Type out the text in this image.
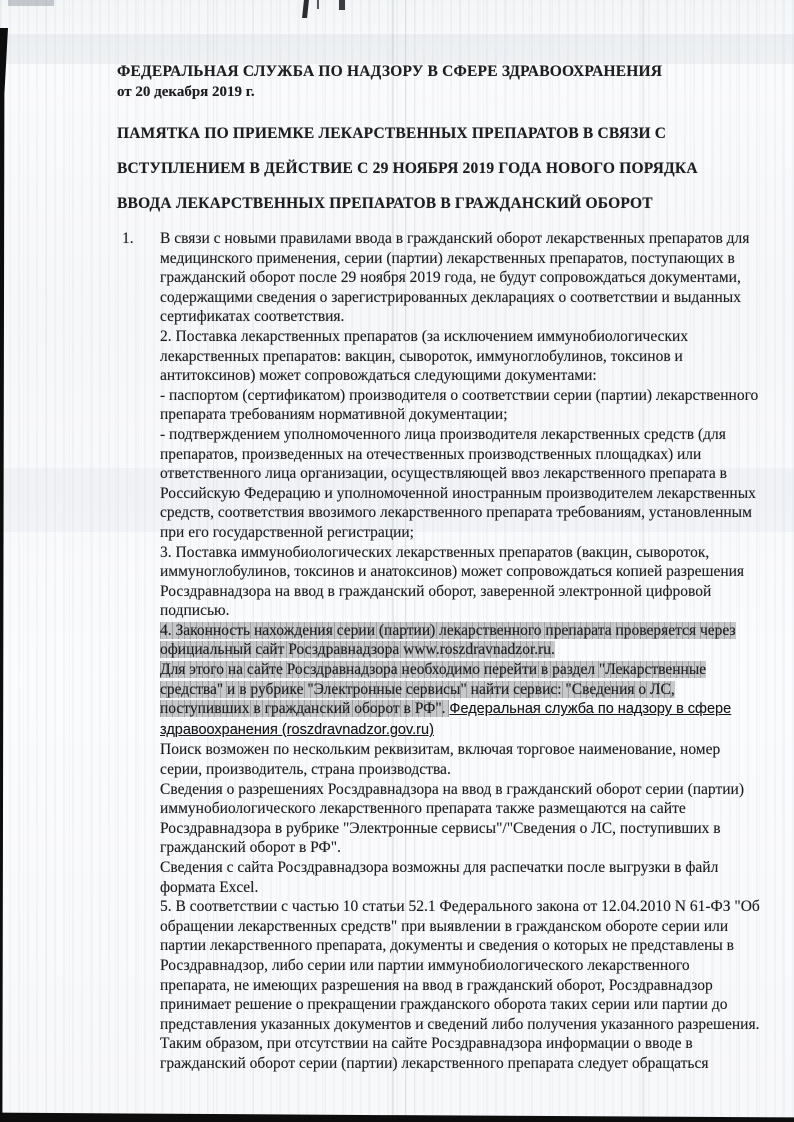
ФЕДЕРАЛЬНАЯ СЛУЖБА ПО НАДЗОРУ В СФЕРЕ ЗДРАВООХРАНЕНИЯ
от 20 декабря 2019 г.
ПАМЯТКА ПО ПРИЕМКЕ ЛЕКАРСТВЕННЫХ ПРЕПАРАТОВ В СВЯЗИ С
ВСТУПЛЕНИЕМ В ДЕЙСТВИЕ С 29 НОЯБРЯ 2019 ГОДА НОВОГО ПОРЯДКА
ВВОДА ЛЕКАРСТВЕННЫХ ПРЕПАРАТОВ В ГРАЖДАНСКИЙ ОБОРОТ
1. В связи с новыми правилами ввода в гражданский оборот лекарственных препаратов для медицинского применения, серии (партии) лекарственных препаратов, поступающих в гражданский оборот после 29 ноября 2019 года, не будут сопровождаться документами, содержащими сведения о зарегистрированных декларациях о соответствии и выданных сертификатах соответствия.

2. Поставка лекарственных препаратов (за исключением иммунобиологических лекарственных препаратов: вакцин, сывороток, иммуноглобулинов, токсинов и антитоксинов) может сопровождаться следующими документами:

- паспортом (сертификатом) производителя о соответствии серии (партии) лекарственного препарата требованиям нормативной документации;

- подтверждением уполномоченного лица производителя лекарственных средств (для препаратов, произведенных на отечественных производственных площадках) или ответственного лица организации, осуществляющей ввоз лекарственного препарата в Российскую Федерацию и уполномоченной иностранным производителем лекарственных средств, соответствия ввозимого лекарственного препарата требованиям, установленным при его государственной регистрации;

3. Поставка иммунобиологических лекарственных препаратов (вакцин, сывороток, иммуноглобулинов, токсинов и анатоксинов) может сопровождаться копией разрешения Росздравнадзора на ввод в гражданский оборот, заверенной электронной цифровой подписью.

4. Законность нахождения серии (партии) лекарственного препарата проверяется через официальный сайт Росздравнадзора www.roszdravnadzor.ru.

Для этого на сайте Росздравнадзора необходимо перейти в раздел "Лекарственные средства" и в рубрике "Электронные сервисы" найти сервис: "Сведения о ЛС, поступивших в гражданский оборот в РФ". Федеральная служба по надзору в сфере здравоохранения (roszdravnadzor.gov.ru)

Поиск возможен по нескольким реквизитам, включая торговое наименование, номер серии, производитель, страна производства.

Сведения о разрешениях Росздравнадзора на ввод в гражданский оборот серии (партии) иммунобиологического лекарственного препарата также размещаются на сайте Росздравнадзора в рубрике "Электронные сервисы"/"Сведения о ЛС, поступивших в гражданский оборот в РФ".

Сведения с сайта Росздравнадзора возможны для распечатки после выгрузки в файл формата Excel.

5. В соответствии с частью 10 статьи 52.1 Федерального закона от 12.04.2010 N 61-ФЗ "Об обращении лекарственных средств" при выявлении в гражданском обороте серии или партии лекарственного препарата, документы и сведения о которых не представлены в Росздравнадзор, либо серии или партии иммунобиологического лекарственного препарата, не имеющих разрешения на ввод в гражданский оборот, Росздравнадзор принимает решение о прекращении гражданского оборота таких серии или партии до представления указанных документов и сведений либо получения указанного разрешения.

Таким образом, при отсутствии на сайте Росздравнадзора информации о вводе в гражданский оборот серии (партии) лекарственного препарата следует обращаться
